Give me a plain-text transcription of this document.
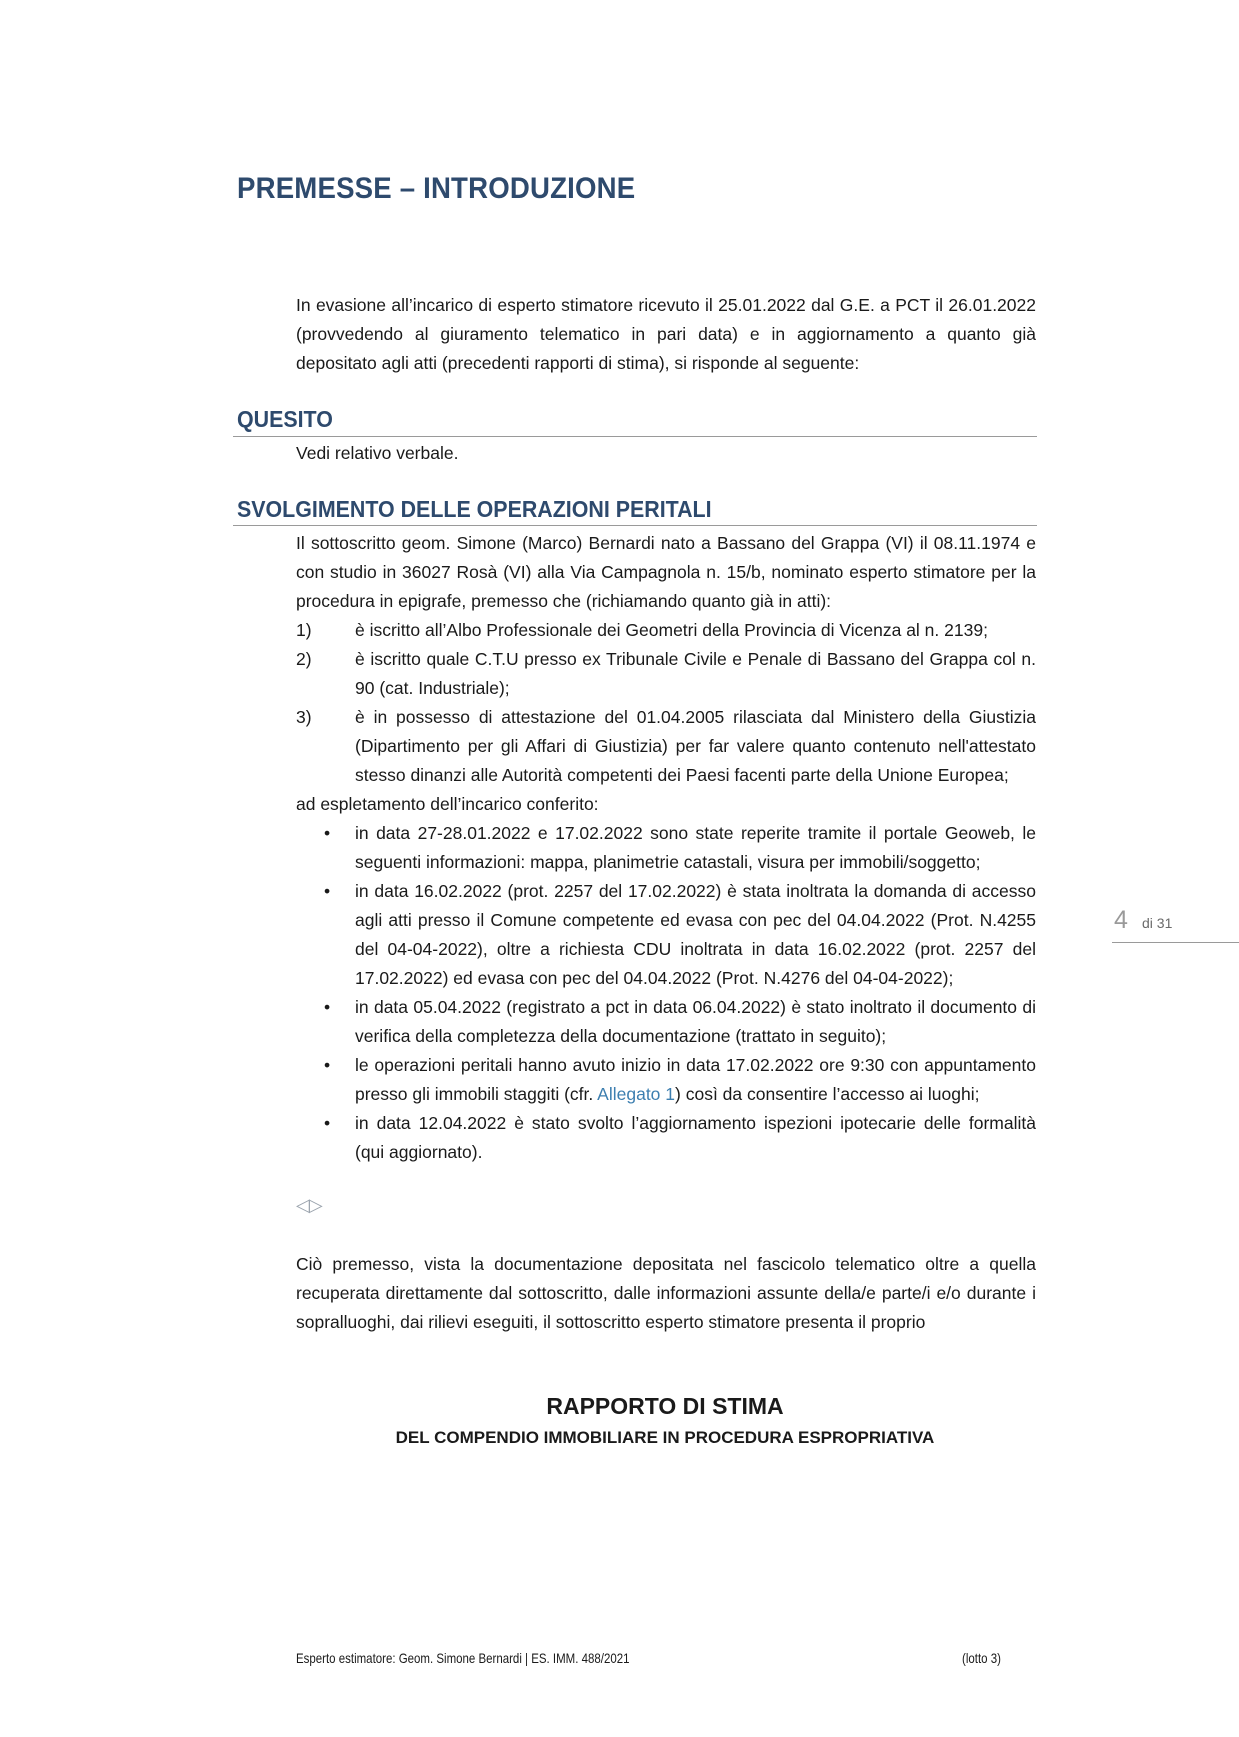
PREMESSE – INTRODUZIONE

In evasione all’incarico di esperto stimatore ricevuto il 25.01.2022 dal G.E. a PCT il 26.01.2022 (provvedendo al giuramento telematico in pari data) e in aggiornamento a quanto già depositato agli atti (precedenti rapporti di stima), si risponde al seguente:

QUESITO

Vedi relativo verbale.

SVOLGIMENTO DELLE OPERAZIONI PERITALI

Il sottoscritto geom. Simone (Marco) Bernardi nato a Bassano del Grappa (VI) il 08.11.1974 e con studio in 36027 Rosà (VI) alla Via Campagnola n. 15/b, nominato esperto stimatore per la procedura in epigrafe, premesso che (richiamando quanto già in atti):

1) è iscritto all’Albo Professionale dei Geometri della Provincia di Vicenza al n. 2139;
2) è iscritto quale C.T.U presso ex Tribunale Civile e Penale di Bassano del Grappa col n. 90 (cat. Industriale);
3) è in possesso di attestazione del 01.04.2005 rilasciata dal Ministero della Giustizia (Dipartimento per gli Affari di Giustizia) per far valere quanto contenuto nell'attestato stesso dinanzi alle Autorità competenti dei Paesi facenti parte della Unione Europea;

ad espletamento dell’incarico conferito:

• in data 27-28.01.2022 e 17.02.2022 sono state reperite tramite il portale Geoweb, le seguenti informazioni: mappa, planimetrie catastali, visura per immobili/soggetto;
• in data 16.02.2022 (prot. 2257 del 17.02.2022) è stata inoltrata la domanda di accesso agli atti presso il Comune competente ed evasa con pec del 04.04.2022 (Prot. N.4255 del 04-04-2022), oltre a richiesta CDU inoltrata in data 16.02.2022 (prot. 2257 del 17.02.2022) ed evasa con pec del 04.04.2022 (Prot. N.4276 del 04-04-2022);
• in data 05.04.2022 (registrato a pct in data 06.04.2022) è stato inoltrato il documento di verifica della completezza della documentazione (trattato in seguito);
• le operazioni peritali hanno avuto inizio in data 17.02.2022 ore 9:30 con appuntamento presso gli immobili staggiti (cfr. Allegato 1) così da consentire l’accesso ai luoghi;
• in data 12.04.2022 è stato svolto l’aggiornamento ispezioni ipotecarie delle formalità (qui aggiornato).
◁▷

Ciò premesso, vista la documentazione depositata nel fascicolo telematico oltre a quella recuperata direttamente dal sottoscritto, dalle informazioni assunte della/e parte/i e/o durante i sopralluoghi, dai rilievi eseguiti, il sottoscritto esperto stimatore presenta il proprio

RAPPORTO DI STIMA
DEL COMPENDIO IMMOBILIARE IN PROCEDURA ESPROPRIATIVA
4 di 31
Esperto estimatore: Geom. Simone Bernardi | ES. IMM. 488/2021	(lotto 3)
